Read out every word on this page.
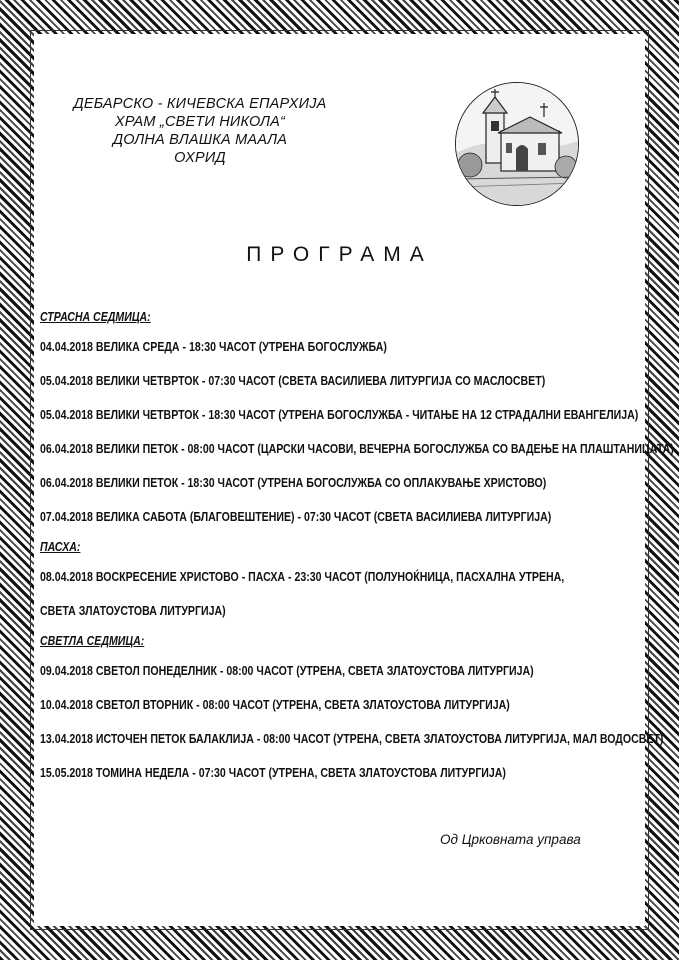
ДЕБАРСКО - КИЧЕВСКА ЕПАРХИЈА
ХРАМ „СВЕТИ НИКОЛА“
ДОЛНА ВЛАШКА МААЛА
ОХРИД
ПРОГРАМА
СТРАСНА СЕДМИЦА:
04.04.2018 ВЕЛИКА СРЕДА - 18:30 ЧАСОТ (УТРЕНА БОГОСЛУЖБА)
05.04.2018 ВЕЛИКИ ЧЕТВРТОК - 07:30 ЧАСОТ (СВЕТА ВАСИЛИЕВА ЛИТУРГИЈА СО МАСЛОСВЕТ)
05.04.2018 ВЕЛИКИ ЧЕТВРТОК - 18:30 ЧАСОТ (УТРЕНА БОГОСЛУЖБА - ЧИТАЊЕ НА 12 СТРАДАЛНИ ЕВАНГЕЛИЈА)
06.04.2018 ВЕЛИКИ ПЕТОК - 08:00 ЧАСОТ (ЦАРСКИ ЧАСОВИ, ВЕЧЕРНА БОГОСЛУЖБА СО ВАДЕЊЕ НА ПЛАШТАНИЦАТА)
06.04.2018 ВЕЛИКИ ПЕТОК - 18:30 ЧАСОТ (УТРЕНА БОГОСЛУЖБА СО ОПЛАКУВАЊЕ ХРИСТОВО)
07.04.2018 ВЕЛИКА САБОТА (БЛАГОВЕШТЕНИЕ) - 07:30 ЧАСОТ (СВЕТА ВАСИЛИЕВА ЛИТУРГИЈА)
ПАСХА:
08.04.2018 ВОСКРЕСЕНИЕ ХРИСТОВО - ПАСХА - 23:30 ЧАСОТ (ПОЛУНОЌНИЦА, ПАСХАЛНА УТРЕНА,
СВЕТА ЗЛАТОУСТОВА ЛИТУРГИЈА)
СВЕТЛА СЕДМИЦА:
09.04.2018 СВЕТОЛ ПОНЕДЕЛНИК - 08:00 ЧАСОТ (УТРЕНА, СВЕТА ЗЛАТОУСТОВА ЛИТУРГИЈА)
10.04.2018 СВЕТОЛ ВТОРНИК - 08:00 ЧАСОТ (УТРЕНА, СВЕТА ЗЛАТОУСТОВА ЛИТУРГИЈА)
13.04.2018 ИСТОЧЕН ПЕТОК БАЛАКЛИЈА - 08:00 ЧАСОТ (УТРЕНА, СВЕТА ЗЛАТОУСТОВА ЛИТУРГИЈА, МАЛ ВОДОСВЕТ)
15.05.2018 ТОМИНА НЕДЕЛА - 07:30 ЧАСОТ (УТРЕНА, СВЕТА ЗЛАТОУСТОВА ЛИТУРГИЈА)
Од Црковната управа
